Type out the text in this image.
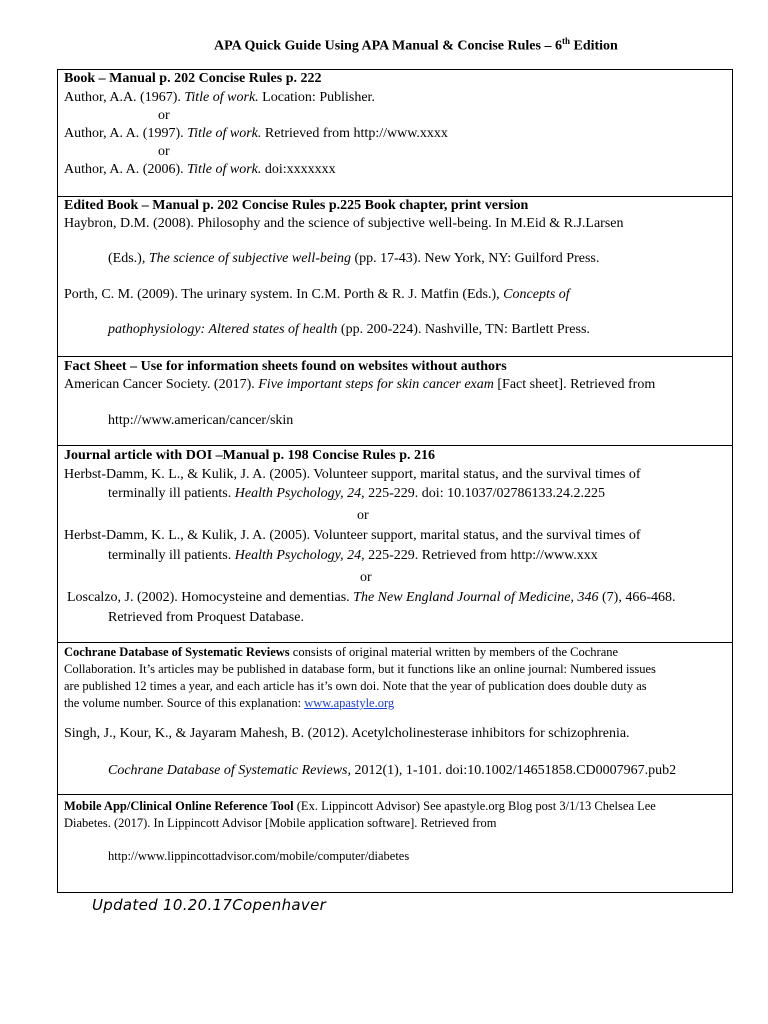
APA Quick Guide Using APA Manual & Concise Rules – 6th Edition
Book – Manual p. 202 Concise Rules p. 222
Author, A.A. (1967). Title of work. Location: Publisher.
or
Author, A. A. (1997). Title of work. Retrieved from http://www.xxxx
or
Author, A. A. (2006). Title of work. doi:xxxxxxx
Edited Book – Manual p. 202 Concise Rules p.225 Book chapter, print version
Haybron, D.M. (2008). Philosophy and the science of subjective well-being. In M.Eid & R.J.Larsen
(Eds.), The science of subjective well-being (pp. 17-43). New York, NY: Guilford Press.
Porth, C. M. (2009). The urinary system. In C.M. Porth & R. J. Matfin (Eds.), Concepts of
pathophysiology: Altered states of health (pp. 200-224). Nashville, TN: Bartlett Press.
Fact Sheet – Use for information sheets found on websites without authors
American Cancer Society. (2017). Five important steps for skin cancer exam [Fact sheet]. Retrieved from
http://www.american/cancer/skin
Journal article with DOI –Manual p. 198 Concise Rules p. 216
Herbst-Damm, K. L., & Kulik, J. A. (2005). Volunteer support, marital status, and the survival times of
terminally ill patients. Health Psychology, 24, 225-229. doi: 10.1037/02786133.24.2.225
or
Herbst-Damm, K. L., & Kulik, J. A. (2005). Volunteer support, marital status, and the survival times of
terminally ill patients. Health Psychology, 24, 225-229. Retrieved from http://www.xxx
or
Loscalzo, J. (2002). Homocysteine and dementias. The New England Journal of Medicine, 346 (7), 466-468.
Retrieved from Proquest Database.
Cochrane Database of Systematic Reviews consists of original material written by members of the Cochrane
Collaboration. It’s articles may be published in database form, but it functions like an online journal: Numbered issues
are published 12 times a year, and each article has it’s own doi. Note that the year of publication does double duty as
the volume number. Source of this explanation: www.apastyle.org
Singh, J., Kour, K., & Jayaram Mahesh, B. (2012). Acetylcholinesterase inhibitors for schizophrenia.
Cochrane Database of Systematic Reviews, 2012(1), 1-101. doi:10.1002/14651858.CD0007967.pub2
Mobile App/Clinical Online Reference Tool (Ex. Lippincott Advisor) See apastyle.org Blog post 3/1/13 Chelsea Lee
Diabetes. (2017). In Lippincott Advisor [Mobile application software]. Retrieved from
http://www.lippincottadvisor.com/mobile/computer/diabetes
Updated 10.20.17Copenhaver
